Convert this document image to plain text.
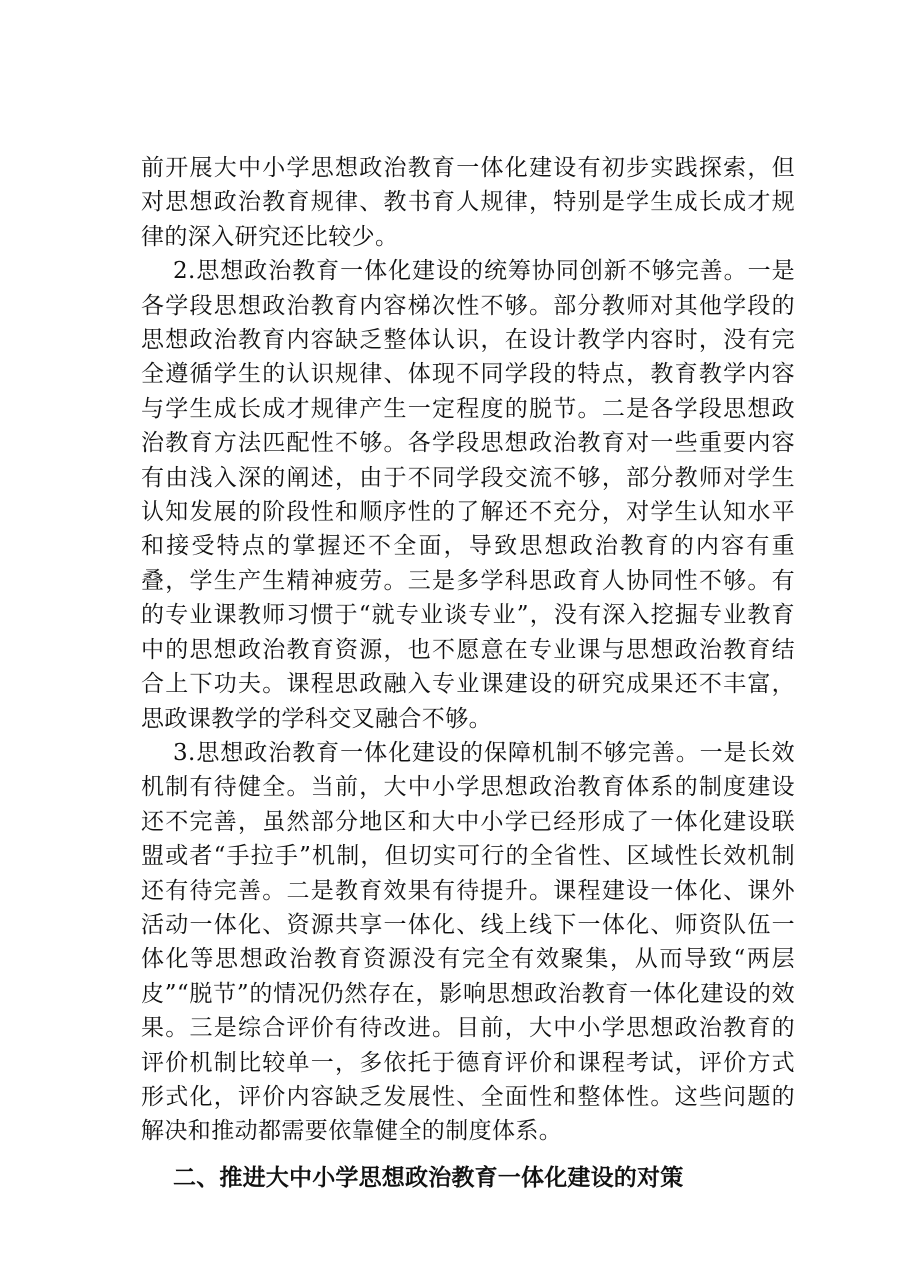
前开展大中小学思想政治教育一体化建设有初步实践探索，但对思想政治教育规律、教书育人规律，特别是学生成长成才规律的深入研究还比较少。

2.思想政治教育一体化建设的统筹协同创新不够完善。一是各学段思想政治教育内容梯次性不够。部分教师对其他学段的思想政治教育内容缺乏整体认识，在设计教学内容时，没有完全遵循学生的认识规律、体现不同学段的特点，教育教学内容与学生成长成才规律产生一定程度的脱节。二是各学段思想政治教育方法匹配性不够。各学段思想政治教育对一些重要内容有由浅入深的阐述，由于不同学段交流不够，部分教师对学生认知发展的阶段性和顺序性的了解还不充分，对学生认知水平和接受特点的掌握还不全面，导致思想政治教育的内容有重叠，学生产生精神疲劳。三是多学科思政育人协同性不够。有的专业课教师习惯于“就专业谈专业”，没有深入挖掘专业教育中的思想政治教育资源，也不愿意在专业课与思想政治教育结合上下功夫。课程思政融入专业课建设的研究成果还不丰富，思政课教学的学科交叉融合不够。

3.思想政治教育一体化建设的保障机制不够完善。一是长效机制有待健全。当前，大中小学思想政治教育体系的制度建设还不完善，虽然部分地区和大中小学已经形成了一体化建设联盟或者“手拉手”机制，但切实可行的全省性、区域性长效机制还有待完善。二是教育效果有待提升。课程建设一体化、课外活动一体化、资源共享一体化、线上线下一体化、师资队伍一体化等思想政治教育资源没有完全有效聚集，从而导致“两层皮”“脱节”的情况仍然存在，影响思想政治教育一体化建设的效果。三是综合评价有待改进。目前，大中小学思想政治教育的评价机制比较单一，多依托于德育评价和课程考试，评价方式形式化，评价内容缺乏发展性、全面性和整体性。这些问题的解决和推动都需要依靠健全的制度体系。

二、推进大中小学思想政治教育一体化建设的对策
